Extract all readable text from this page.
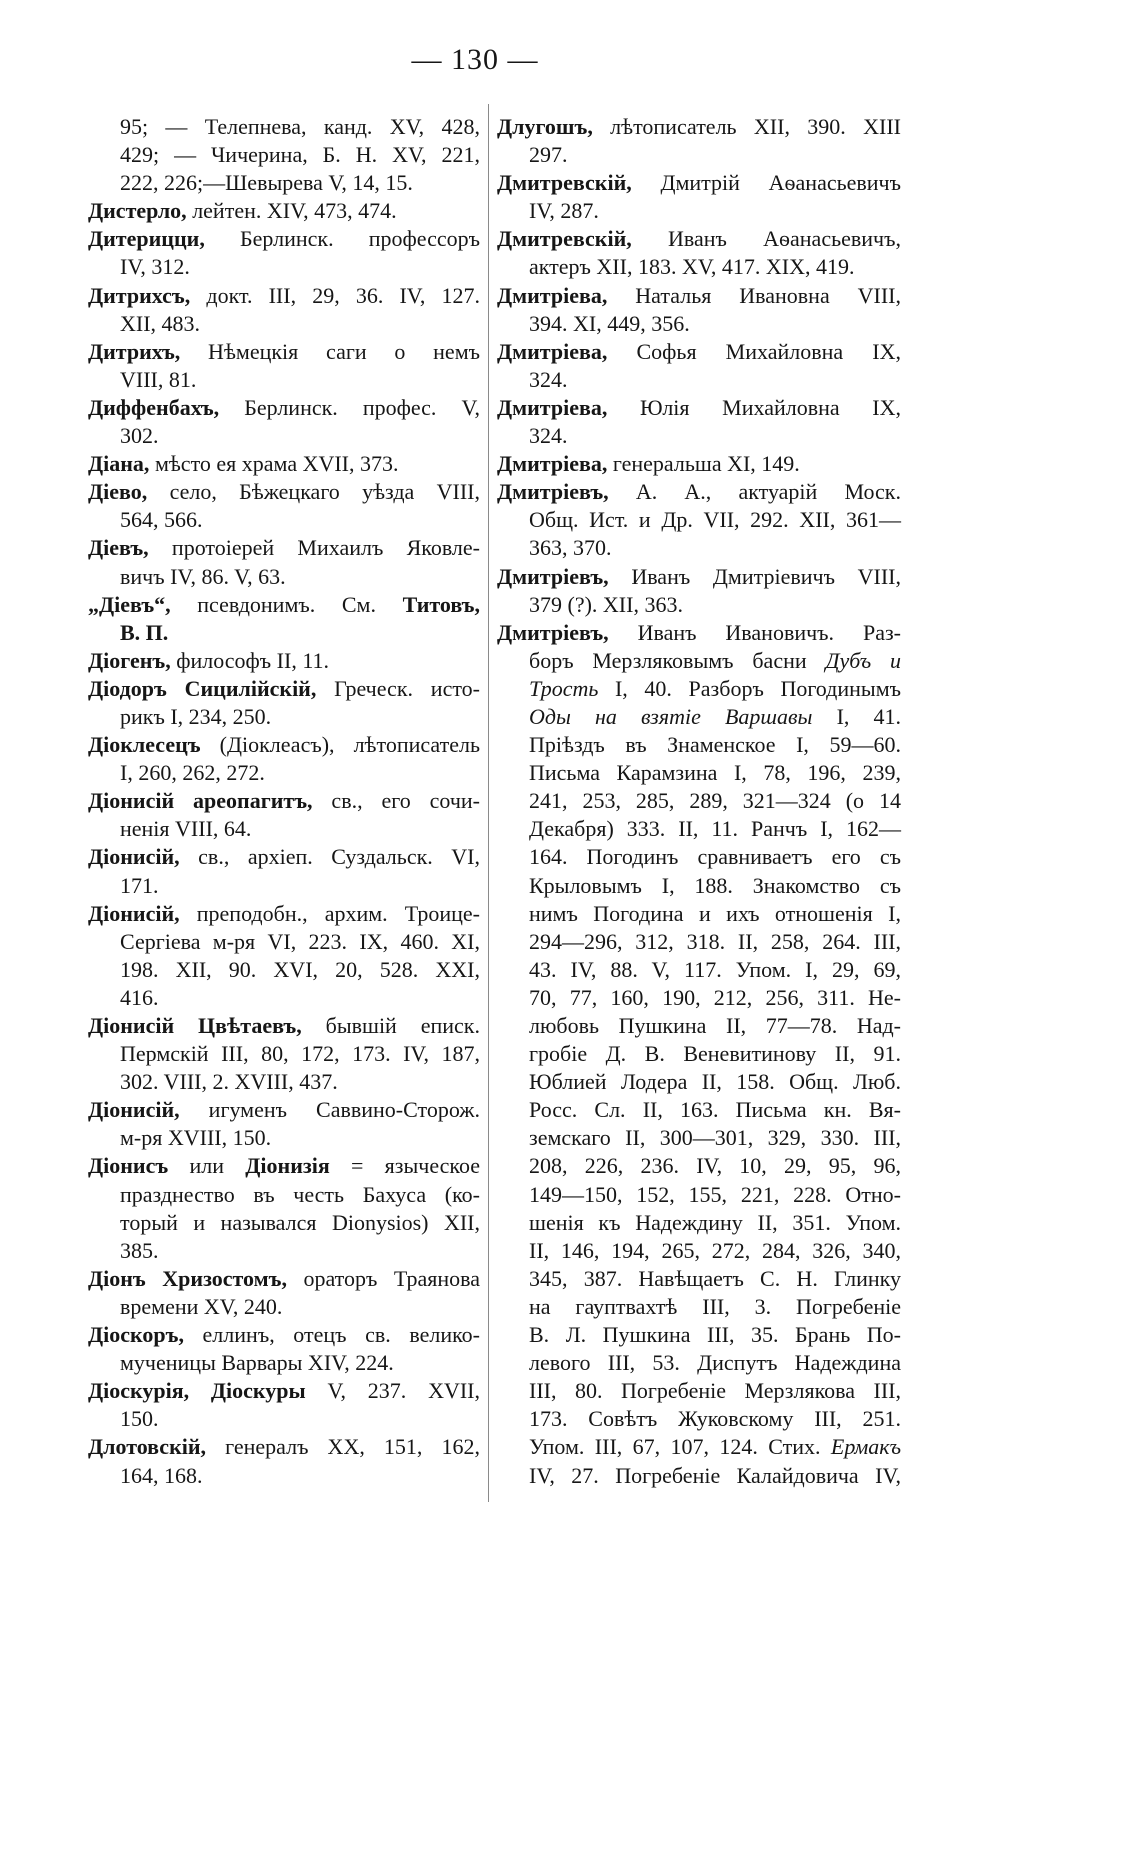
— 130 —
95; — Телепнева, канд. XV, 428,
429; — Чичерина, Б. Н. XV, 221,
222, 226;—Шевырева V, 14, 15.
Дистерло, лейтен. XIV, 473, 474.
Дитерицци, Берлинск. профессоръ
IV, 312.
Дитрихсъ, докт. III, 29, 36. IV, 127.
XII, 483.
Дитрихъ, Нѣмецкія саги о немъ
VIII, 81.
Диффенбахъ, Берлинск. профес. V,
302.
Діана, мѣсто ея храма XVII, 373.
Діево, село, Бѣжецкаго уѣзда VIII,
564, 566.
Діевъ, протоіерей Михаилъ Яковле-
вичъ IV, 86. V, 63.
„Діевъ“, псевдонимъ. См. Титовъ,
В. П.
Діогенъ, философъ II, 11.
Діодоръ Сицилійскій, Греческ. исто-
рикъ I, 234, 250.
Діоклесецъ (Діоклеасъ), лѣтописатель
I, 260, 262, 272.
Діонисій ареопагитъ, св., его сочи-
ненія VIII, 64.
Діонисій, св., архіеп. Суздальск. VI,
171.
Діонисій, преподобн., архим. Троице-
Сергіева м-ря VI, 223. IX, 460. XI,
198. XII, 90. XVI, 20, 528. XXI,
416.
Діонисій Цвѣтаевъ, бывшій еписк.
Пермскій III, 80, 172, 173. IV, 187,
302. VIII, 2. XVIII, 437.
Діонисій, игуменъ Саввино-Сторож.
м-ря XVIII, 150.
Діонисъ или Діонизія = языческое
празднество въ честь Бахуса (ко-
торый и назывался Dionysios) XII,
385.
Діонъ Хризостомъ, ораторъ Траянова
времени XV, 240.
Діоскоръ, еллинъ, отецъ св. велико-
мученицы Варвары XIV, 224.
Діоскурія, Діоскуры V, 237. XVII,
150.
Длотовскій, генералъ XX, 151, 162,
164, 168.
Длугошъ, лѣтописатель XII, 390. XIII
297.
Дмитревскій, Дмитрій Аѳанасьевичъ
IV, 287.
Дмитревскій, Иванъ Аѳанасьевичъ,
актеръ XII, 183. XV, 417. XIX, 419.
Дмитріева, Наталья Ивановна VIII,
394. XI, 449, 356.
Дмитріева, Софья Михайловна IX,
324.
Дмитріева, Юлія Михайловна IX,
324.
Дмитріева, генеральша XI, 149.
Дмитріевъ, А. А., актуарій Моск.
Общ. Ист. и Др. VII, 292. XII, 361—
363, 370.
Дмитріевъ, Иванъ Дмитріевичъ VIII,
379 (?). XII, 363.
Дмитріевъ, Иванъ Ивановичъ. Раз-
боръ Мерзляковымъ басни Дубъ и
Трость I, 40. Разборъ Погодинымъ
Оды на взятіе Варшавы I, 41.
Пріѣздъ въ Знаменское I, 59—60.
Письма Карамзина I, 78, 196, 239,
241, 253, 285, 289, 321—324 (о 14
Декабря) 333. II, 11. Ранчъ I, 162—
164. Погодинъ сравниваетъ его съ
Крыловымъ I, 188. Знакомство съ
нимъ Погодина и ихъ отношенія I,
294—296, 312, 318. II, 258, 264. III,
43. IV, 88. V, 117. Упом. I, 29, 69,
70, 77, 160, 190, 212, 256, 311. Не-
любовь Пушкина II, 77—78. Над-
гробіе Д. В. Веневитинову II, 91.
Юблией Лодера II, 158. Общ. Люб.
Росс. Сл. II, 163. Письма кн. Вя-
земскаго II, 300—301, 329, 330. III,
208, 226, 236. IV, 10, 29, 95, 96,
149—150, 152, 155, 221, 228. Отно-
шенія къ Надеждину II, 351. Упом.
II, 146, 194, 265, 272, 284, 326, 340,
345, 387. Навѣщаетъ С. Н. Глинку
на гауптвахтѣ III, 3. Погребеніе
В. Л. Пушкина III, 35. Брань По-
левого III, 53. Диспутъ Надеждина
III, 80. Погребеніе Мерзлякова III,
173. Совѣтъ Жуковскому III, 251.
Упом. III, 67, 107, 124. Стих. Ермакъ
IV, 27. Погребеніе Калайдовича IV,
